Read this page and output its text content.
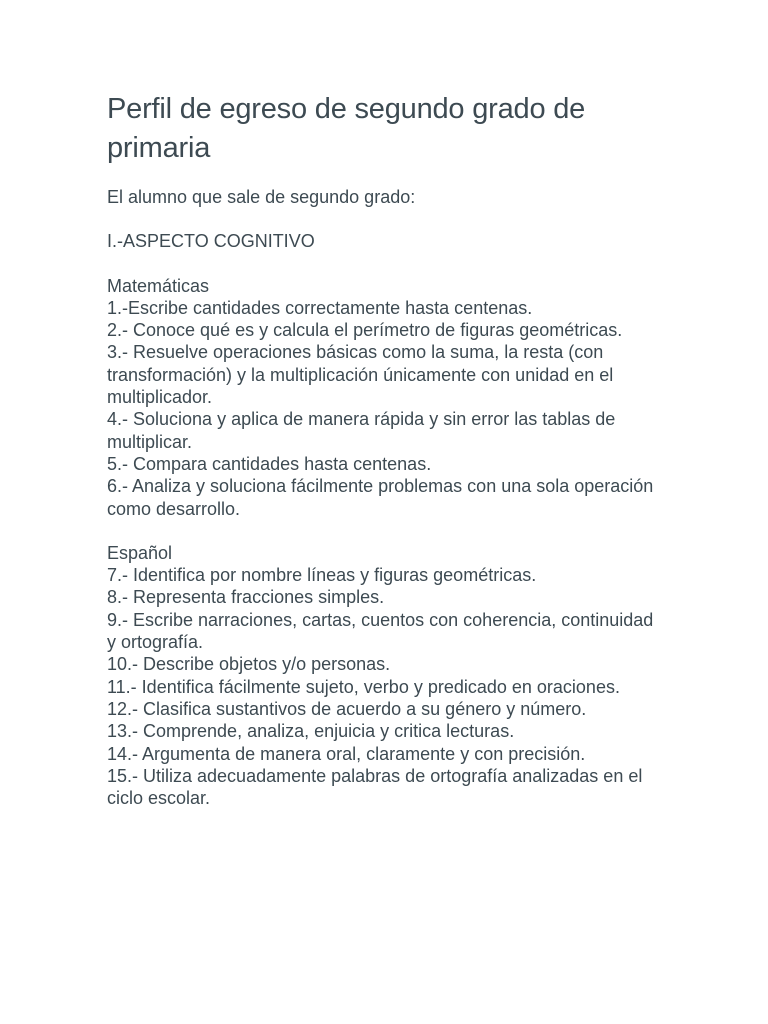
Perfil de egreso de segundo grado de primaria

El alumno que sale de segundo grado:

I.-ASPECTO COGNITIVO

Matemáticas

1.-Escribe cantidades correctamente hasta centenas.
2.- Conoce qué es y calcula el perímetro de figuras geométricas.
3.- Resuelve operaciones básicas como la suma, la resta (con transformación) y la multiplicación únicamente con unidad en el multiplicador.
4.- Soluciona y aplica de manera rápida y sin error las tablas de multiplicar.
5.- Compara cantidades hasta centenas.
6.- Analiza y soluciona fácilmente problemas con una sola operación como desarrollo.

Español

7.- Identifica por nombre líneas y figuras geométricas.
8.- Representa fracciones simples.
9.- Escribe narraciones, cartas, cuentos con coherencia, continuidad y ortografía.
10.- Describe objetos y/o personas.
11.- Identifica fácilmente sujeto, verbo y predicado en oraciones.
12.- Clasifica sustantivos de acuerdo a su género y número.
13.- Comprende, analiza, enjuicia y critica lecturas.
14.- Argumenta de manera oral, claramente y con precisión.
15.- Utiliza adecuadamente palabras de ortografía analizadas en el ciclo escolar.
